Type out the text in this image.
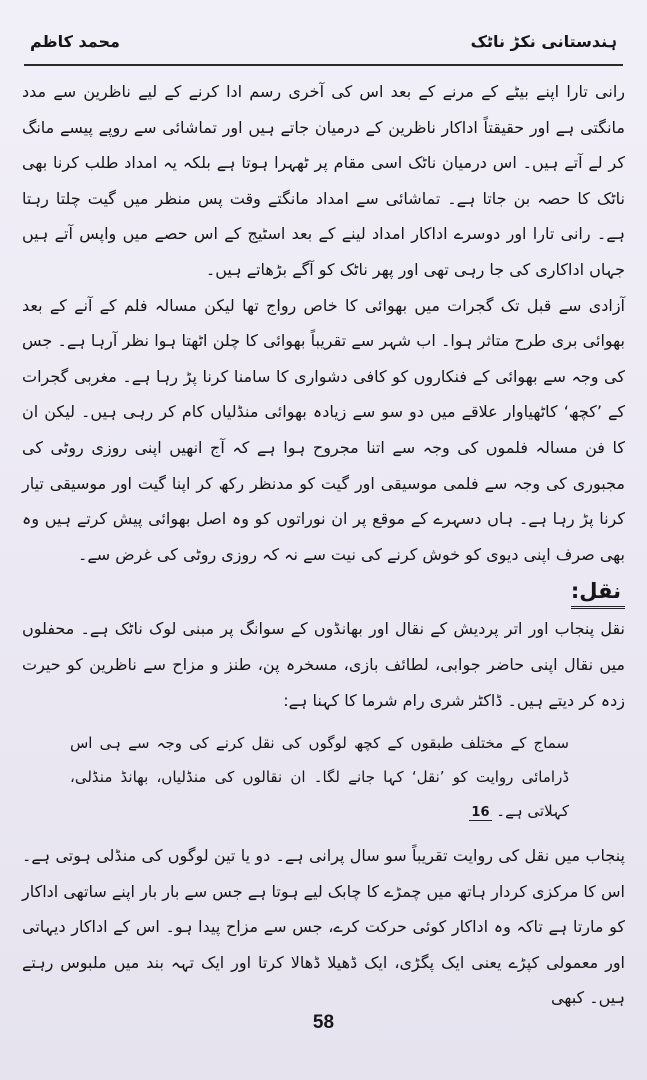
ہندستانی نکڑ ناٹک
محمد کاظم

رانی تارا اپنے بیٹے کے مرنے کے بعد اس کی آخری رسم ادا کرنے کے لیے ناظرین سے مدد مانگتی ہے اور حقیقتاً اداکار ناظرین کے درمیان جاتے ہیں اور تماشائی سے روپے پیسے مانگ کر لے آتے ہیں۔ اس درمیان ناٹک اسی مقام پر ٹھہرا ہوتا ہے بلکہ یہ امداد طلب کرنا بھی ناٹک کا حصہ بن جاتا ہے۔ تماشائی سے امداد مانگتے وقت پس منظر میں گیت چلتا رہتا ہے۔ رانی تارا اور دوسرے اداکار امداد لینے کے بعد اسٹیج کے اس حصے میں واپس آتے ہیں جہاں اداکاری کی جا رہی تھی اور پھر ناٹک کو آگے بڑھاتے ہیں۔

آزادی سے قبل تک گجرات میں بھوائی کا خاص رواج تھا لیکن مسالہ فلم کے آنے کے بعد بھوائی بری طرح متاثر ہوا۔ اب شہر سے تقریباً بھوائی کا چلن اٹھتا ہوا نظر آرہا ہے۔ جس کی وجہ سے بھوائی کے فنکاروں کو کافی دشواری کا سامنا کرنا پڑ رہا ہے۔ مغربی گجرات کے ’کچھ‘ کاٹھیاوار علاقے میں دو سو سے زیادہ بھوائی منڈلیاں کام کر رہی ہیں۔ لیکن ان کا فن مسالہ فلموں کی وجہ سے اتنا مجروح ہوا ہے کہ آج انھیں اپنی روزی روٹی کی مجبوری کی وجہ سے فلمی موسیقی اور گیت کو مدنظر رکھ کر اپنا گیت اور موسیقی تیار کرنا پڑ رہا ہے۔ ہاں دسہرے کے موقع پر ان نوراتوں کو وہ اصل بھوائی پیش کرتے ہیں وہ بھی صرف اپنی دیوی کو خوش کرنے کی نیت سے نہ کہ روزی روٹی کی غرض سے۔

نقل:

نقل پنجاب اور اتر پردیش کے نقال اور بھانڈوں کے سوانگ پر مبنی لوک ناٹک ہے۔ محفلوں میں نقال اپنی حاضر جوابی، لطائف بازی، مسخرہ پن، طنز و مزاح سے ناظرین کو حیرت زدہ کر دیتے ہیں۔ ڈاکٹر شری رام شرما کا کہنا ہے:

سماج کے مختلف طبقوں کے کچھ لوگوں کی نقل کرنے کی وجہ سے ہی اس ڈرامائی روایت کو ’نقل‘ کہا جانے لگا۔ ان نقالوں کی منڈلیاں، بھانڈ منڈلی، کہلاتی ہے۔ 16

پنجاب میں نقل کی روایت تقریباً سو سال پرانی ہے۔ دو یا تین لوگوں کی منڈلی ہوتی ہے۔ اس کا مرکزی کردار ہاتھ میں چمڑے کا چابک لیے ہوتا ہے جس سے بار بار اپنے ساتھی اداکار کو مارتا ہے تاکہ وہ اداکار کوئی حرکت کرے، جس سے مزاح پیدا ہو۔ اس کے اداکار دیہاتی اور معمولی کپڑے یعنی ایک پگڑی، ایک ڈھیلا ڈھالا کرتا اور ایک تہہ بند میں ملبوس رہتے ہیں۔ کبھی

58
